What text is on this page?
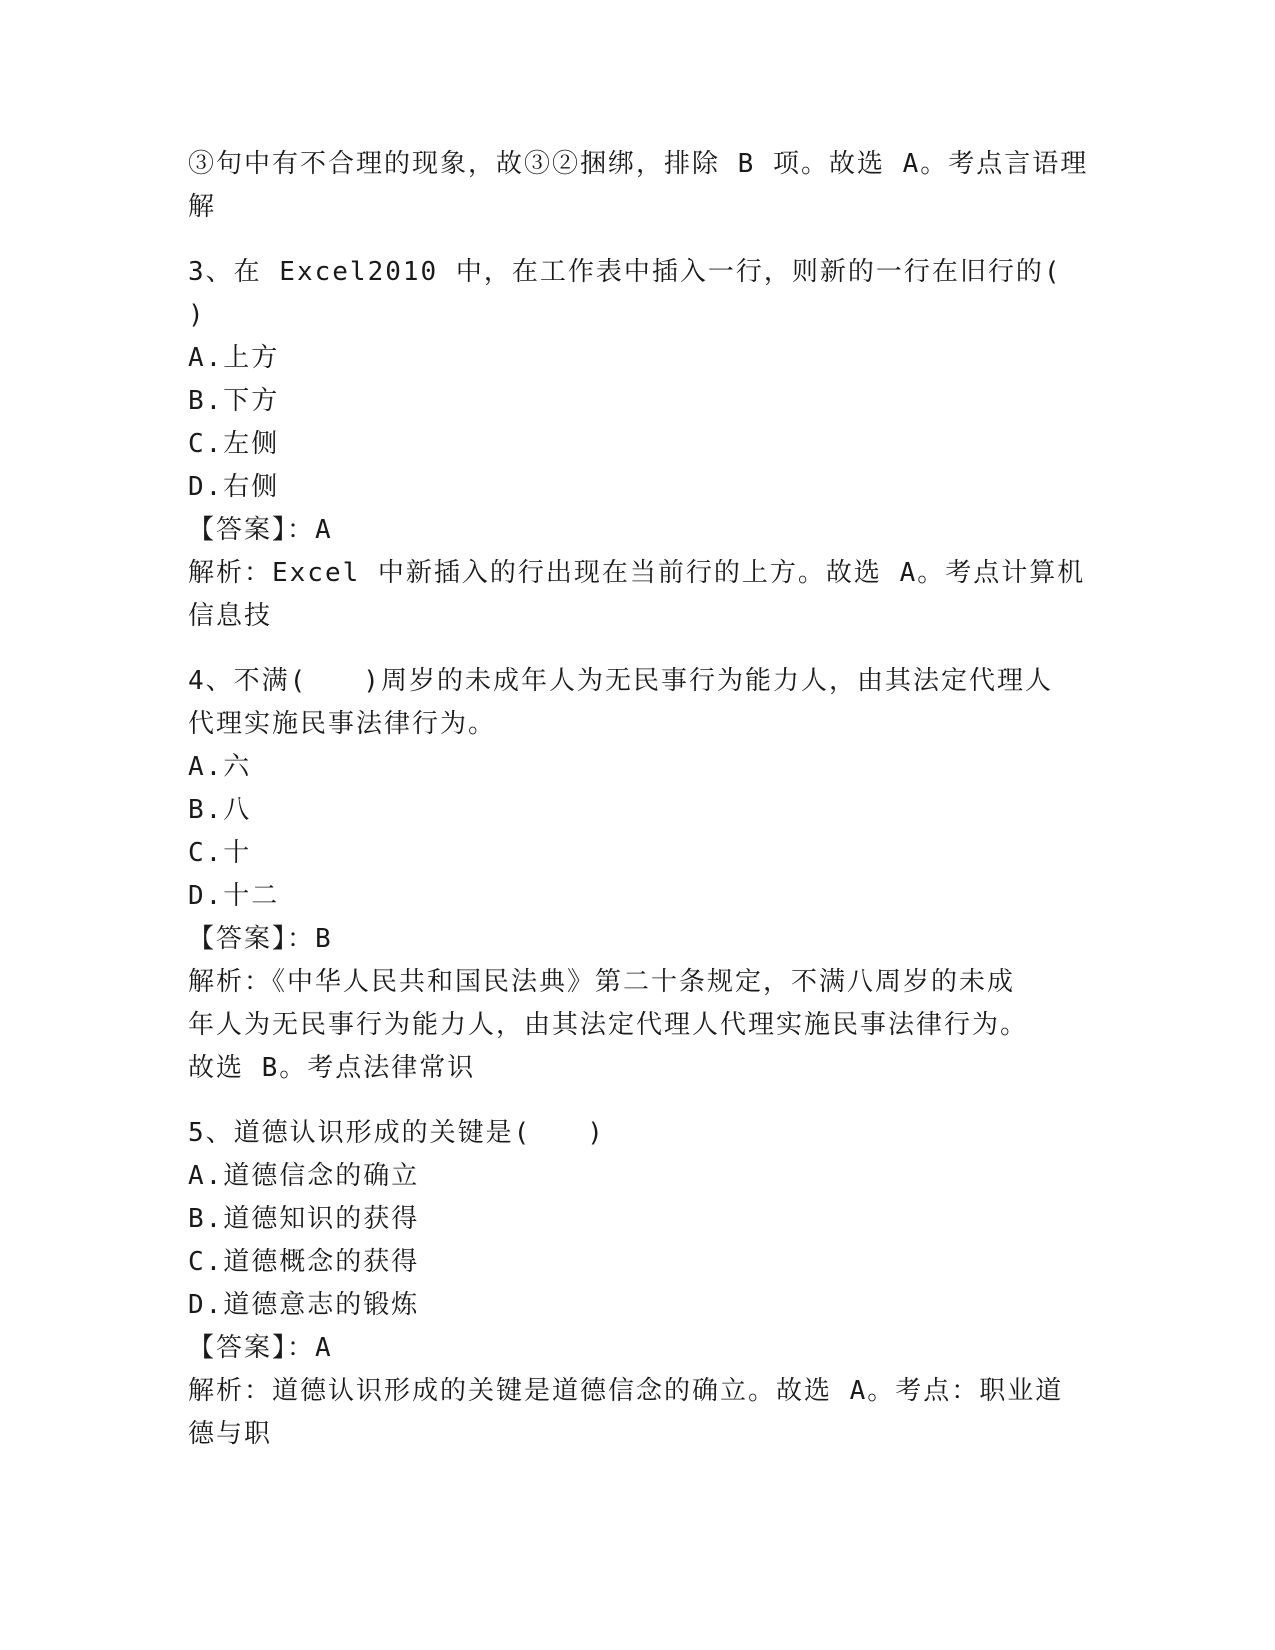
③句中有不合理的现象，故③②捆绑，排除 B 项。故选 A。考点言语理
解
3、在 Excel2010 中，在工作表中插入一行，则新的一行在旧行的(
)
A.上方
B.下方
C.左侧
D.右侧
【答案】：A
解析：Excel 中新插入的行出现在当前行的上方。故选 A。考点计算机
信息技
4、不满(　　)周岁的未成年人为无民事行为能力人，由其法定代理人
代理实施民事法律行为。
A.六
B.八
C.十
D.十二
【答案】：B
解析：《中华人民共和国民法典》第二十条规定，不满八周岁的未成
年人为无民事行为能力人，由其法定代理人代理实施民事法律行为。
故选 B。考点法律常识
5、道德认识形成的关键是(　　)
A.道德信念的确立
B.道德知识的获得
C.道德概念的获得
D.道德意志的锻炼
【答案】：A
解析：道德认识形成的关键是道德信念的确立。故选 A。考点：职业道
德与职
